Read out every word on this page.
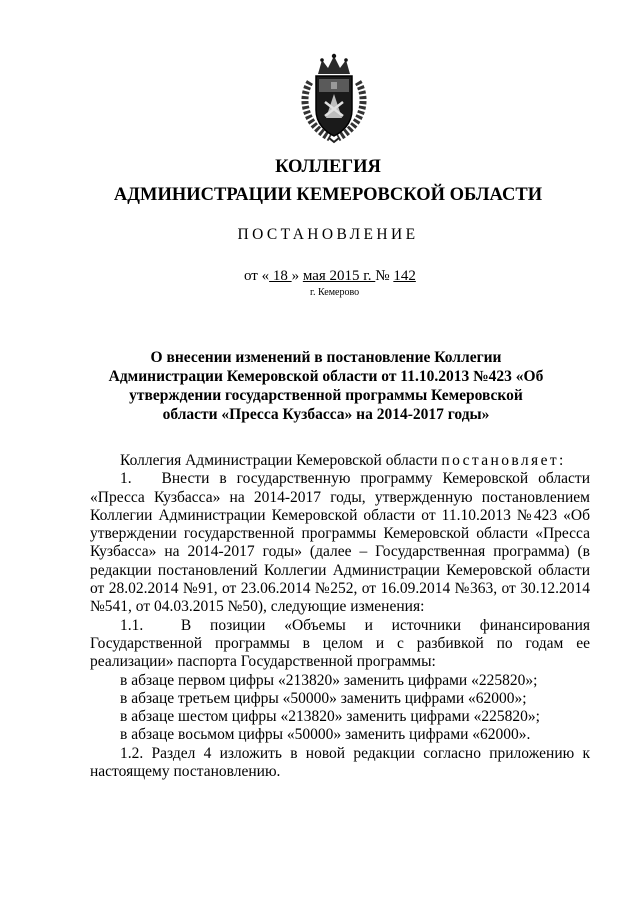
КОЛЛЕГИЯ
АДМИНИСТРАЦИИ КЕМЕРОВСКОЙ ОБЛАСТИ
ПОСТАНОВЛЕНИЕ
от « 18 » мая 2015 г. № 142
г. Кемерово
О внесении изменений в постановление Коллегии Администрации Кемеровской области от 11.10.2013 №423 «Об утверждении государственной программы Кемеровской области «Пресса Кузбасса» на 2014-2017 годы»

Коллегия Администрации Кемеровской области постановляет:

1.   Внести в государственную программу Кемеровской области «Пресса Кузбасса» на 2014-2017 годы, утвержденную постановлением Коллегии Администрации Кемеровской области от 11.10.2013 №423 «Об утверждении государственной программы Кемеровской области «Пресса Кузбасса» на 2014-2017 годы» (далее – Государственная программа) (в редакции постановлений Коллегии Администрации Кемеровской области от 28.02.2014 №91, от 23.06.2014 №252, от 16.09.2014 №363, от 30.12.2014 №541, от 04.03.2015 №50), следующие изменения:

1.1.  В позиции «Объемы и источники финансирования Государственной программы в целом и с разбивкой по годам ее реализации» паспорта Государственной программы:

в абзаце первом цифры «213820» заменить цифрами «225820»;

в абзаце третьем цифры «50000» заменить цифрами «62000»;

в абзаце шестом цифры «213820» заменить цифрами «225820»;

в абзаце восьмом цифры «50000» заменить цифрами «62000».

1.2. Раздел 4 изложить в новой редакции согласно приложению к настоящему постановлению.
